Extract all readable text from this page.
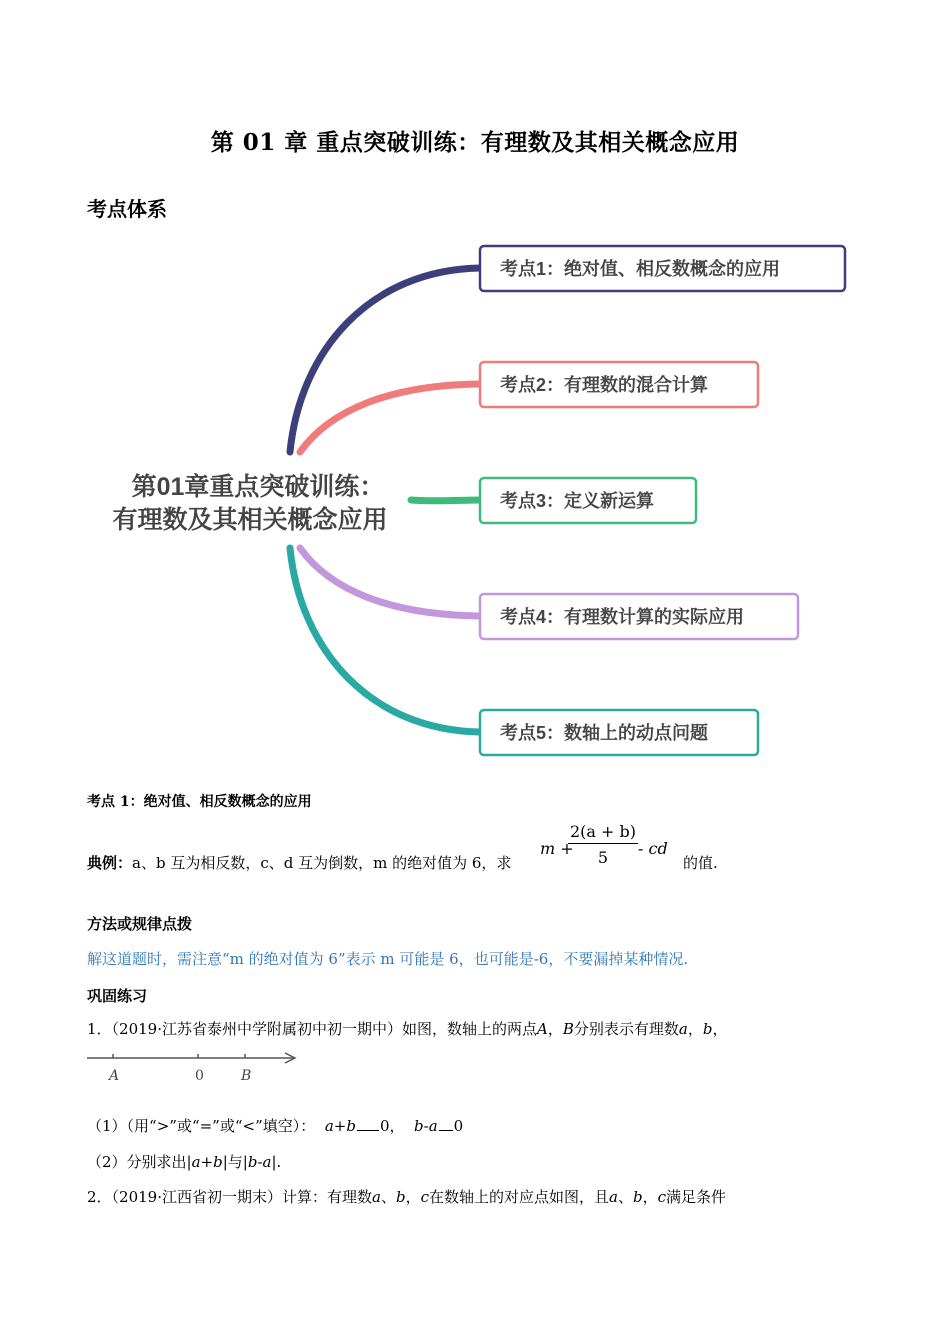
第 01 章 重点突破训练：有理数及其相关概念应用
考点体系
第01章重点突破训练：
有理数及其相关概念应用
考点1：绝对值、相反数概念的应用
考点2：有理数的混合计算
考点3：定义新运算
考点4：有理数计算的实际应用
考点5：数轴上的动点问题
考点 1：绝对值、相反数概念的应用
典例：a、b 互为相反数，c、d 互为倒数，m 的绝对值为 6，求
m +
$\frac{2(a + b)}{5}$ - cd
的值.
方法或规律点拨
解这道题时，需注意“m 的绝对值为 6”表示 m 可能是 6，也可能是-6，不要漏掉某种情况.
巩固练习
1．（2019·江苏省泰州中学附属初中初一期中）如图，数轴上的两点A，B分别表示有理数a，b，
A	0	B
（1）（用“>”或“=”或“<”填空）： a+b 0， b-a 0
（2）分别求出|a+b|与|b-a|.
2．（2019·江西省初一期末）计算：有理数a、b，c在数轴上的对应点如图，且a、b，c满足条件
